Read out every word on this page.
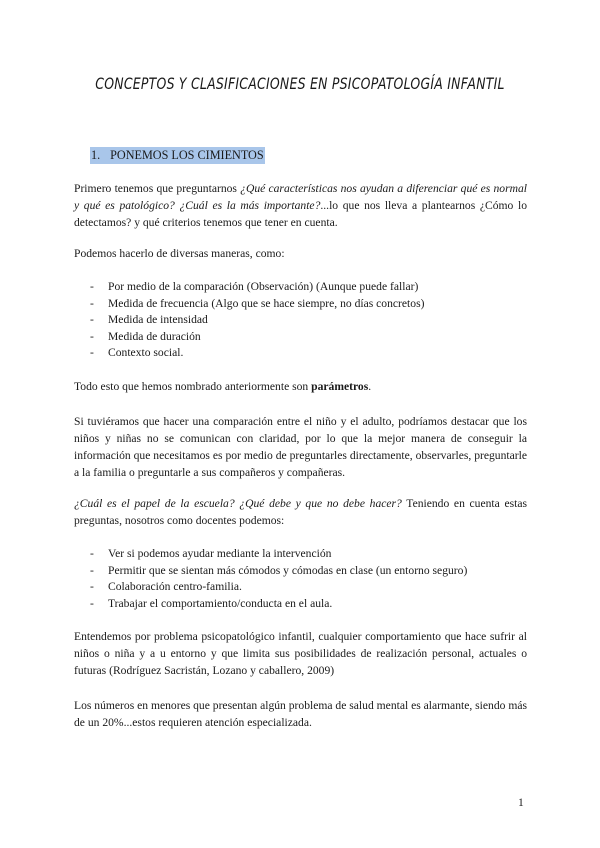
CONCEPTOS Y CLASIFICACIONES EN PSICOPATOLOGÍA INFANTIL
1. PONEMOS LOS CIMIENTOS

Primero tenemos que preguntarnos ¿Qué características nos ayudan a diferenciar qué es normal y qué es patológico? ¿Cuál es la más importante?...lo que nos lleva a plantearnos ¿Cómo lo detectamos? y qué criterios tenemos que tener en cuenta.

Podemos hacerlo de diversas maneras, como:

- Por medio de la comparación (Observación) (Aunque puede fallar)
- Medida de frecuencia (Algo que se hace siempre, no días concretos)
- Medida de intensidad
- Medida de duración
- Contexto social.

Todo esto que hemos nombrado anteriormente son parámetros.

Si tuviéramos que hacer una comparación entre el niño y el adulto, podríamos destacar que los niños y niñas no se comunican con claridad, por lo que la mejor manera de conseguir la información que necesitamos es por medio de preguntarles directamente, observarles, preguntarle a la familia o preguntarle a sus compañeros y compañeras.

¿Cuál es el papel de la escuela? ¿Qué debe y que no debe hacer? Teniendo en cuenta estas preguntas, nosotros como docentes podemos:

- Ver si podemos ayudar mediante la intervención
- Permitir que se sientan más cómodos y cómodas en clase (un entorno seguro)
- Colaboración centro-familia.
- Trabajar el comportamiento/conducta en el aula.

Entendemos por problema psicopatológico infantil, cualquier comportamiento que hace sufrir al niños o niña y a u entorno y que limita sus posibilidades de realización personal, actuales o futuras (Rodríguez Sacristán, Lozano y caballero, 2009)

Los números en menores que presentan algún problema de salud mental es alarmante, siendo más de un 20%...estos requieren atención especializada.

1
